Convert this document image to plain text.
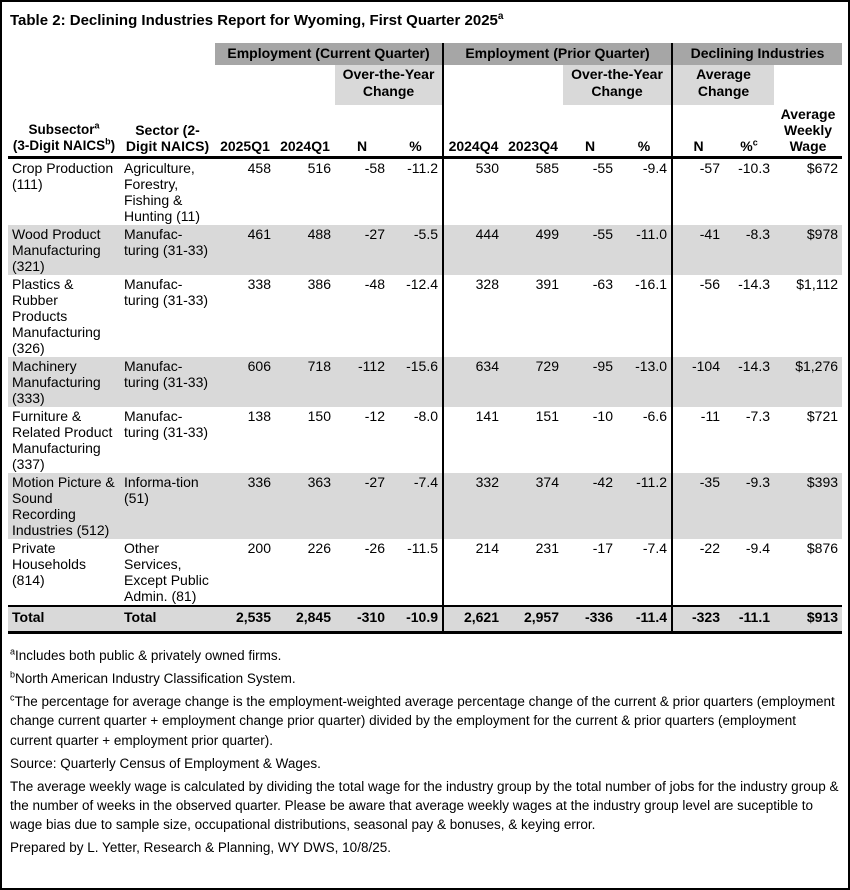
Table 2: Declining Industries Report for Wyoming, First Quarter 2025$^a$
		Employment (Current Quarter)				Employment (Prior Quarter)				Declining Industries		
				Over-the-Year Change				Over-the-Year Change		Average Change		
Subsector$^a$
(3-Digit NAICS$^b$)	Sector (2-Digit NAICS)	2025Q1	2024Q1	N	%	2024Q4	2023Q4	N	%	N	%$^c$	Average Weekly Wage
Crop Production (111)	Agriculture, Forestry, Fishing & Hunting (11)	458	516	-58	-11.2	530	585	-55	-9.4	-57	-10.3	$672
Wood Product Manufacturing (321)	Manufac-turing (31-33)	461	488	-27	-5.5	444	499	-55	-11.0	-41	-8.3	$978
Plastics & Rubber Products Manufacturing (326)	Manufac-turing (31-33)	338	386	-48	-12.4	328	391	-63	-16.1	-56	-14.3	$1,112
Machinery Manufacturing (333)	Manufac-turing (31-33)	606	718	-112	-15.6	634	729	-95	-13.0	-104	-14.3	$1,276
Furniture & Related Product Manufacturing (337)	Manufac-turing (31-33)	138	150	-12	-8.0	141	151	-10	-6.6	-11	-7.3	$721
Motion Picture & Sound Recording Industries (512)	Informa-tion (51)	336	363	-27	-7.4	332	374	-42	-11.2	-35	-9.3	$393
Private Households (814)	Other Services, Except Public Admin. (81)	200	226	-26	-11.5	214	231	-17	-7.4	-22	-9.4	$876
Total	Total	2,535	2,845	-310	-10.9	2,621	2,957	-336	-11.4	-323	-11.1	$913
$^a$Includes both public & privately owned firms.
$^b$North American Industry Classification System.
$^c$The percentage for average change is the employment-weighted average percentage change of the current & prior quarters (employment change current quarter + employment change prior quarter) divided by the employment for the current & prior quarters (employment current quarter + employment prior quarter).
Source: Quarterly Census of Employment & Wages.
The average weekly wage is calculated by dividing the total wage for the industry group by the total number of jobs for the industry group & the number of weeks in the observed quarter. Please be aware that average weekly wages at the industry group level are suceptible to wage bias due to sample size, occupational distributions, seasonal pay & bonuses, & keying error.
Prepared by L. Yetter, Research & Planning, WY DWS, 10/8/25.
